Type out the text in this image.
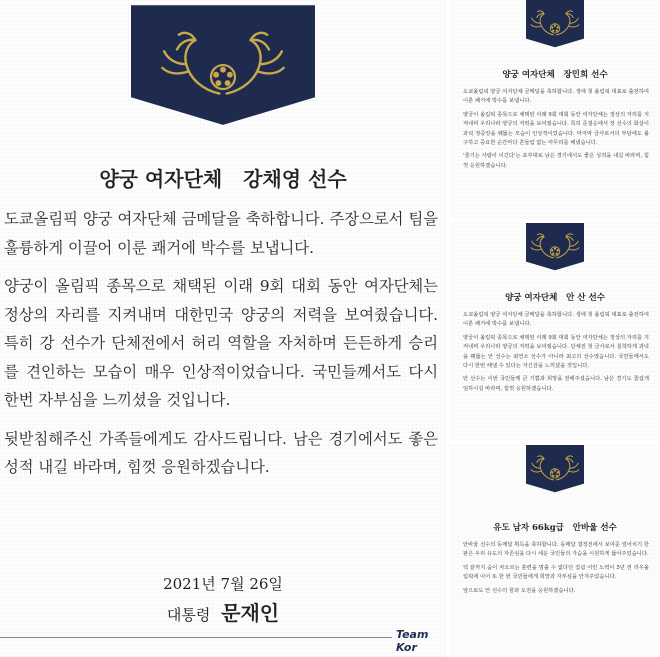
양궁 여자단체   강채영 선수

도쿄올림픽 양궁 여자단체 금메달을 축하합니다. 주장으로서 팀을 훌륭하게 이끌어 이룬 쾌거에 박수를 보냅니다.

양궁이 올림픽 종목으로 채택된 이래 9회 대회 동안 여자단체는 정상의 자리를 지켜내며 대한민국 양궁의 저력을 보여줬습니다. 특히 강 선수가 단체전에서 허리 역할을 자처하며 든든하게 승리를 견인하는 모습이 매우 인상적이었습니다. 국민들께서도 다시 한번 자부심을 느끼셨을 것입니다.

뒷받침해주신 가족들에게도 감사드립니다. 남은 경기에서도 좋은 성적 내길 바라며, 힘껏 응원하겠습니다.

2021년 7월 26일
대통령 문재인
Team Kor
양궁 여자단체   장민희 선수

도쿄올림픽 양궁 여자단체 금메달을 축하합니다. 생애 첫 올림픽 대표로 출전하여 이룬 쾌거에 박수를 보냅니다.

양궁이 올림픽 종목으로 채택된 이래 9회 대회 동안 여자단체는 정상의 자리를 지켜내며 우리나라 양궁의 저력을 보여줬습니다. 특히 준결승에서 장 선수의 화살이 과녁 정중앙을 꿰뚫는 모습이 인상적이었습니다. 마지막 금사로서의 부담에도 불구하고 중요한 순간마다 흔들림 없는 마무리를 해냈습니다.

'즐기는 사람이 이긴다'는 포부대로 남은 경기에서도 좋은 성적을 내길 바라며, 힘껏 응원하겠습니다.

양궁 여자단체   안 산 선수

도쿄올림픽 양궁 여자단체 금메달을 축하합니다. 생애 첫 올림픽 대표로 출전하여 이룬 쾌거에 박수를 보냅니다.

양궁이 올림픽 종목으로 채택된 이래 9회 대회 동안 여자단체는 정상의 자리를 지켜내며 우리나라 양궁의 저력을 보여줬습니다. 단체전 첫 금사로서 침착하게 과녁을 꿰뚫는 안 선수는 최연소 선수가 아니라 최고의 선수였습니다. 국민들께서도 다시 한번 해낼 수 있다는 자신감을 느끼셨을 것입니다.

안 선수는 이번 국민들께 큰 기쁨과 희망을 전해주셨습니다. 남은 경기도 즐겁게 임하시길 바라며, 힘껏 응원하겠습니다.

유도 남자 66kg급   안바울 선수

안바울 선수의 동메달 획득을 축하합니다. 동메달 결정전에서 보여준 엎어치기 한판은 우리 유도의 자존심을 다시 세운 국민들의 가슴을 시원하게 뚫어주었습니다.

턱 끝까지 숨이 차오르는 훈련을 멈출 수 없다던 집념 어린 노력이 5년 전 리우올림픽에 이어 또 한 번 국민들에게 희망과 자부심을 안겨주었습니다.

앞으로도 안 선수의 꿈과 도전을 응원하겠습니다.
